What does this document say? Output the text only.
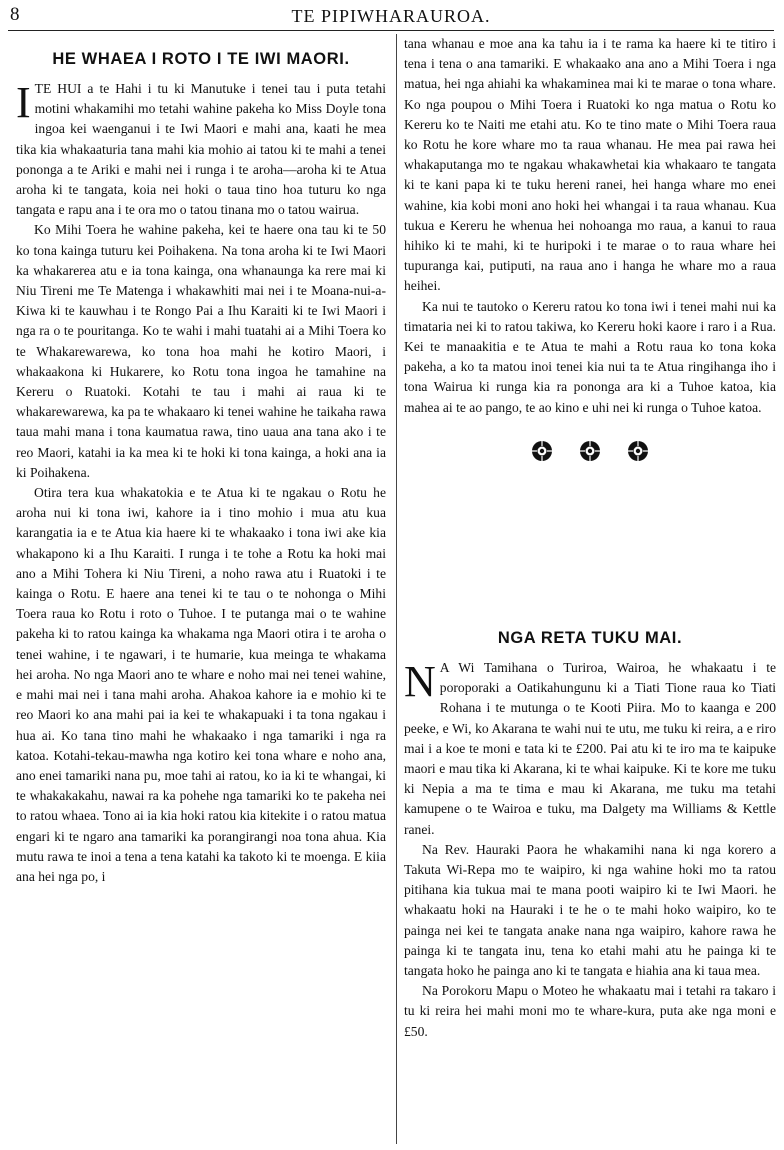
8	TE PIPIWHARAUROA.
HE WHAEA I ROTO I TE IWI MAORI.

ITE HUI a te Hahi i tu ki Manutuke i tenei tau i puta tetahi motini whakamihi mo tetahi wahine pakeha ko Miss Doyle tona ingoa kei waenganui i te Iwi Maori e mahi ana, kaati he mea tika kia whakaaturia tana mahi kia mohio ai tatou ki te mahi a tenei pononga a te Ariki e mahi nei i runga i te aroha—aroha ki te Atua aroha ki te tangata, koia nei hoki o taua tino hoa tuturu ko nga tangata e rapu ana i te ora mo o tatou tinana mo o tatou wairua.

Ko Mihi Toera he wahine pakeha, kei te haere ona tau ki te 50 ko tona kainga tuturu kei Poihakena. Na tona aroha ki te Iwi Maori ka whakarerea atu e ia tona kainga, ona whanaunga ka rere mai ki Niu Tireni me Te Matenga i whakawhiti mai nei i te Moana-nui-a-Kiwa ki te kauwhau i te Rongo Pai a Ihu Karaiti ki te Iwi Maori i nga ra o te pouritanga. Ko te wahi i mahi tuatahi ai a Mihi Toera ko te Whakarewarewa, ko tona hoa mahi he kotiro Maori, i whakaakona ki Hukarere, ko Rotu tona ingoa he tamahine na Kereru o Ruatoki. Kotahi te tau i mahi ai raua ki te whakarewarewa, ka pa te whakaaro ki tenei wahine he taikaha rawa taua mahi mana i tona kaumatua rawa, tino uaua ana tana ako i te reo Maori, katahi ia ka mea ki te hoki ki tona kainga, a hoki ana ia ki Poihakena.

Otira tera kua whakatokia e te Atua ki te ngakau o Rotu he aroha nui ki tona iwi, kahore ia i tino mohio i mua atu kua karangatia ia e te Atua kia haere ki te whakaako i tona iwi ake kia whakapono ki a Ihu Karaiti. I runga i te tohe a Rotu ka hoki mai ano a Mihi Tohera ki Niu Tireni, a noho rawa atu i Ruatoki i te kainga o Rotu. E haere ana tenei ki te tau o te nohonga o Mihi Toera raua ko Rotu i roto o Tuhoe. I te putanga mai o te wahine pakeha ki to ratou kainga ka whakama nga Maori otira i te aroha o tenei wahine, i te ngawari, i te humarie, kua meinga te whakama hei aroha. No nga Maori ano te whare e noho mai nei tenei wahine, e mahi mai nei i tana mahi aroha. Ahakoa kahore ia e mohio ki te reo Maori ko ana mahi pai ia kei te whakapuaki i ta tona ngakau i hua ai. Ko tana tino mahi he whakaako i nga tamariki i nga ra katoa. Kotahi-tekau-mawha nga kotiro kei tona whare e noho ana, ano enei tamariki nana pu, moe tahi ai ratou, ko ia ki te whangai, ki te whakakakahu, nawai ra ka pohehe nga tamariki ko te pakeha nei to ratou whaea. Tono ai ia kia hoki ratou kia kitekite i o ratou matua engari ki te ngaro ana tamariki ka porangirangi noa tona ahua. Kia mutu rawa te inoi a tena a tena katahi ka takoto ki te moenga. E kiia ana hei nga po, i

tana whanau e moe ana ka tahu ia i te rama ka haere ki te titiro i tena i tena o ana tamariki. E whakaako ana ano a Mihi Toera i nga matua, hei nga ahiahi ka whakaminea mai ki te marae o tona whare. Ko nga poupou o Mihi Toera i Ruatoki ko nga matua o Rotu ko Kereru ko te Naiti me etahi atu. Ko te tino mate o Mihi Toera raua ko Rotu he kore whare mo ta raua whanau. He mea pai rawa hei whakaputanga mo te ngakau whakawhetai kia whakaaro te tangata ki te kani papa ki te tuku hereni ranei, hei hanga whare mo enei wahine, kia kobi moni ano hoki hei whangai i ta raua whanau. Kua tukua e Kereru he whenua hei nohoanga mo raua, a kanui to raua hihiko ki te mahi, ki te huripoki i te marae o to raua whare hei tupuranga kai, putiputi, na raua ano i hanga he whare mo a raua heihei.

Ka nui te tautoko o Kereru ratou ko tona iwi i tenei mahi nui ka timataria nei ki to ratou takiwa, ko Kereru hoki kaore i raro i a Rua. Kei te manaakitia e te Atua te mahi a Rotu raua ko tona koka pakeha, a ko ta matou inoi tenei kia nui ta te Atua ringihanga iho i tona Wairua ki runga kia ra pononga ara ki a Tuhoe katoa, kia mahea ai te ao pango, te ao kino e uhi nei ki runga o Tuhoe katoa.

NGA RETA TUKU MAI.

N A Wi Tamihana o Turiroa, Wairoa, he whakaatu i te poroporaki a Oatikahungunu ki a Tiati Tione raua ko Tiati Rohana i te mutunga o te Kooti Piira. Mo to kaanga e 200 peeke, e Wi, ko Akarana te wahi nui te utu, me tuku ki reira, a e riro mai i a koe te moni e tata ki te £200. Pai atu ki te iro ma te kaipuke maori e mau tika ki Akarana, ki te whai kaipuke. Ki te kore me tuku ki Nepia a ma te tima e mau ki Akarana, me tuku ma tetahi kamupene o te Wairoa e tuku, ma Dalgety ma Williams & Kettle ranei.

Na Rev. Hauraki Paora he whakamihi nana ki nga korero a Takuta Wi-Repa mo te waipiro, ki nga wahine hoki mo ta ratou pitihana kia tukua mai te mana pooti waipiro ki te Iwi Maori. he whakaatu hoki na Hauraki i te he o te mahi hoko waipiro, ko te painga nei kei te tangata anake nana nga waipiro, kahore rawa he painga ki te tangata inu, tena ko etahi mahi atu he painga ki te tangata hoko he painga ano ki te tangata e hiahia ana ki taua mea.

Na Porokoru Mapu o Moteo he whakaatu mai i tetahi ra takaro i tu ki reira hei mahi moni mo te whare-kura, puta ake nga moni e £50.
